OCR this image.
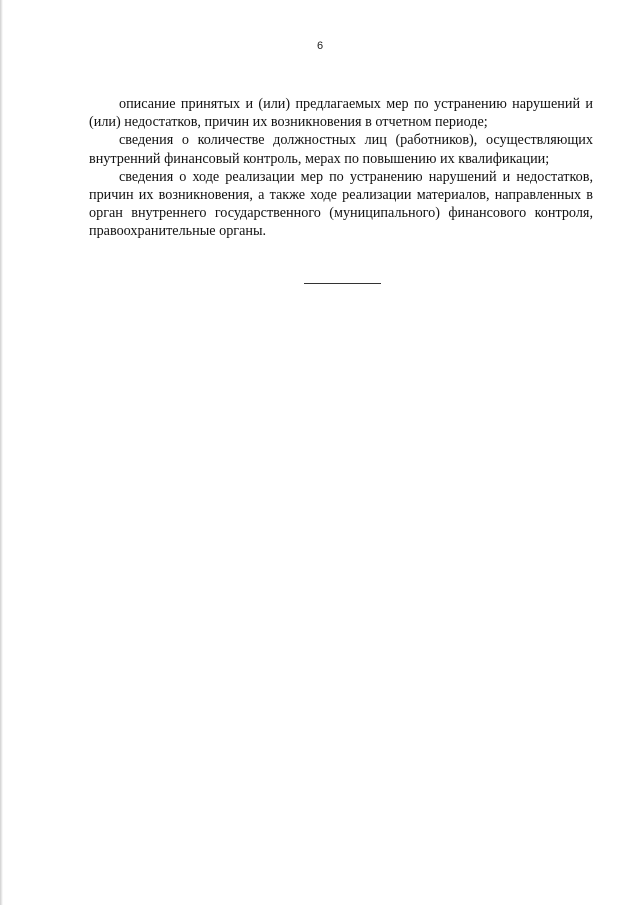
6

описание принятых и (или) предлагаемых мер по устранению нарушений и (или) недостатков, причин их возникновения в отчетном периоде;

сведения о количестве должностных лиц (работников), осуществляющих внутренний финансовый контроль, мерах по повышению их квалификации;

сведения о ходе реализации мер по устранению нарушений и недостатков, причин их возникновения, а также ходе реализации материалов, направленных в орган внутреннего государственного (муниципального) финансового контроля, правоохранительные органы.
